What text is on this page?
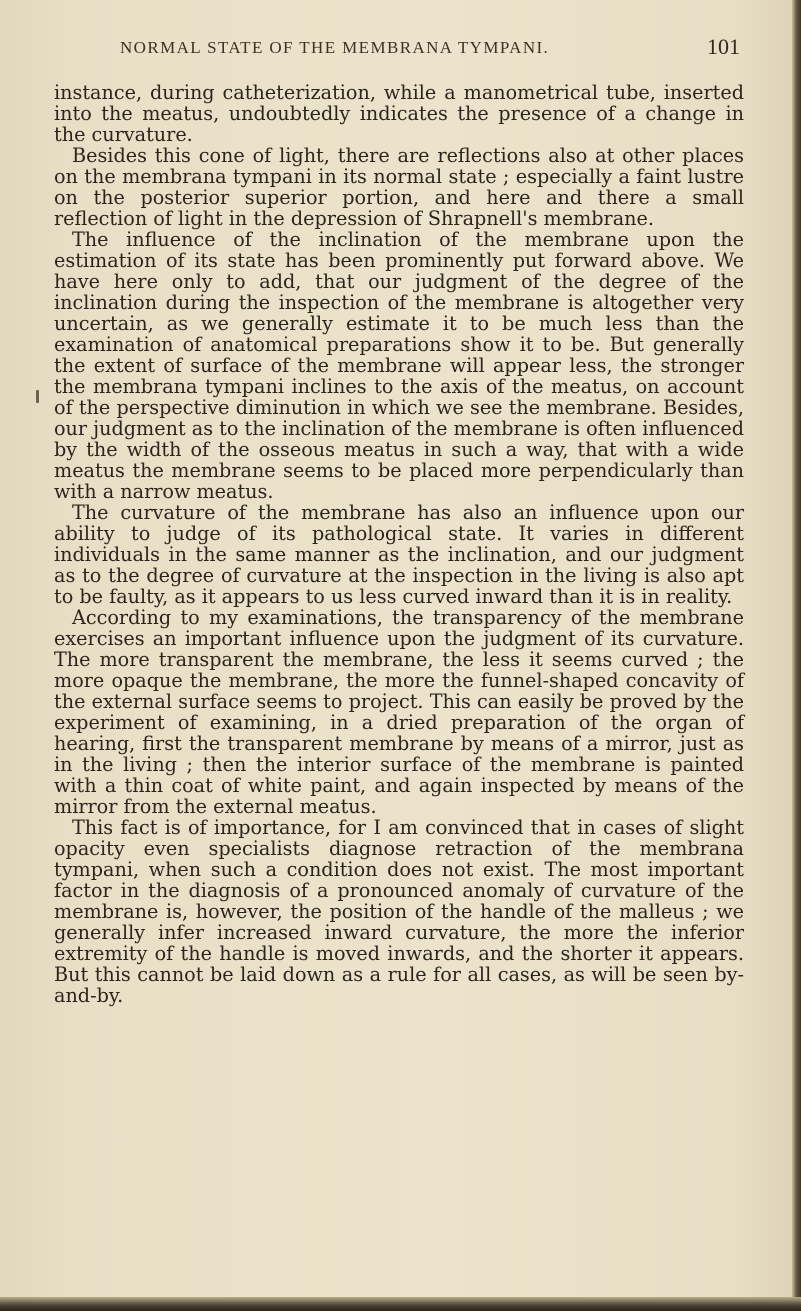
NORMAL STATE OF THE MEMBRANA TYMPANI.	101

instance, during catheterization, while a manometrical tube, inserted into the meatus, undoubtedly indicates the presence of a change in the curvature.

Besides this cone of light, there are reflections also at other places on the membrana tympani in its normal state ; especially a faint lustre on the posterior superior portion, and here and there a small reflection of light in the depression of Shrapnell's membrane.

The influence of the inclination of the membrane upon the estimation of its state has been prominently put forward above. We have here only to add, that our judgment of the degree of the inclination during the inspection of the membrane is altogether very uncertain, as we generally estimate it to be much less than the examination of anatomical preparations show it to be. But generally the extent of surface of the membrane will appear less, the stronger the membrana tympani inclines to the axis of the meatus, on account of the perspective diminution in which we see the membrane. Besides, our judgment as to the inclination of the membrane is often influenced by the width of the osseous meatus in such a way, that with a wide meatus the membrane seems to be placed more perpendicularly than with a narrow meatus.

The curvature of the membrane has also an influence upon our ability to judge of its pathological state. It varies in different individuals in the same manner as the inclination, and our judgment as to the degree of curvature at the inspection in the living is also apt to be faulty, as it appears to us less curved inward than it is in reality.

According to my examinations, the transparency of the membrane exercises an important influence upon the judgment of its curvature. The more transparent the membrane, the less it seems curved ; the more opaque the membrane, the more the funnel-shaped concavity of the external surface seems to project. This can easily be proved by the experiment of examining, in a dried preparation of the organ of hearing, first the transparent membrane by means of a mirror, just as in the living ; then the interior surface of the membrane is painted with a thin coat of white paint, and again inspected by means of the mirror from the external meatus.

This fact is of importance, for I am convinced that in cases of slight opacity even specialists diagnose retraction of the membrana tympani, when such a condition does not exist. The most important factor in the diagnosis of a pronounced anomaly of curvature of the membrane is, however, the position of the handle of the malleus ; we generally infer increased inward curvature, the more the inferior extremity of the handle is moved inwards, and the shorter it appears. But this cannot be laid down as a rule for all cases, as will be seen by-and-by.
